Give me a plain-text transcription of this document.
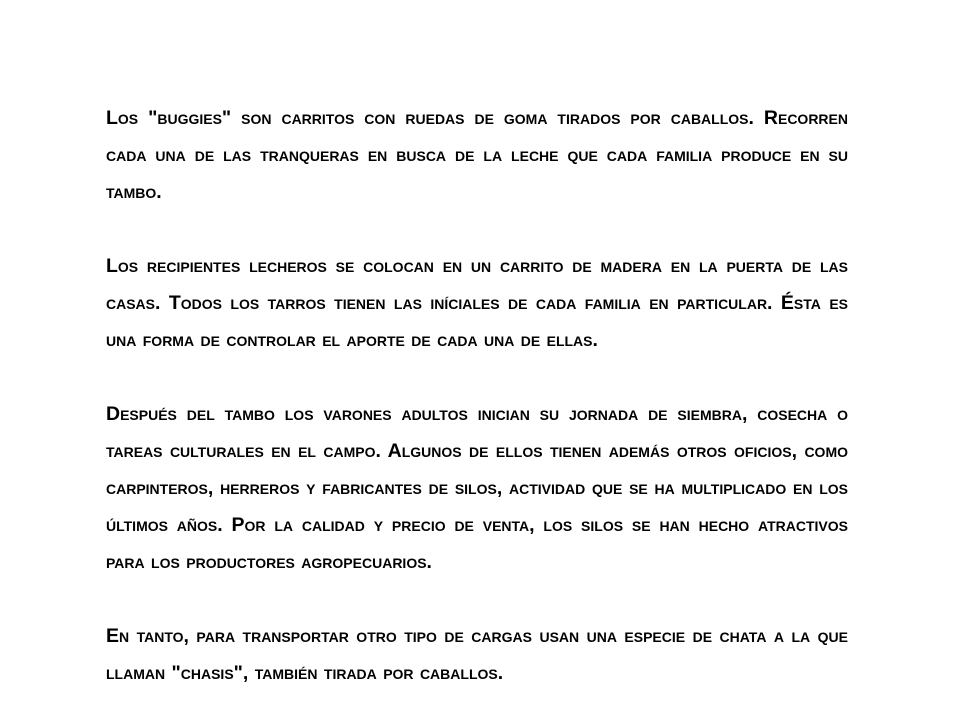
Los "buggies" son carritos con ruedas de goma tirados por caballos. Recorren cada una de las tranqueras en busca de la leche que cada familia produce en su tambo.

Los recipientes lecheros se colocan en un carrito de madera en la puerta de las casas. Todos los tarros tienen las iníciales de cada familia en particular. Ésta es una forma de controlar el aporte de cada una de ellas.

Después del tambo los varones adultos inician su jornada de siembra, cosecha o tareas culturales en el campo. Algunos de ellos tienen además otros oficios, como carpinteros, herreros y fabricantes de silos, actividad que se ha multiplicado en los últimos años. Por la calidad y precio de venta, los silos se han hecho atractivos para los productores agropecuarios.

En tanto, para transportar otro tipo de cargas usan una especie de chata a la que llaman "chasis", también tirada por caballos.
